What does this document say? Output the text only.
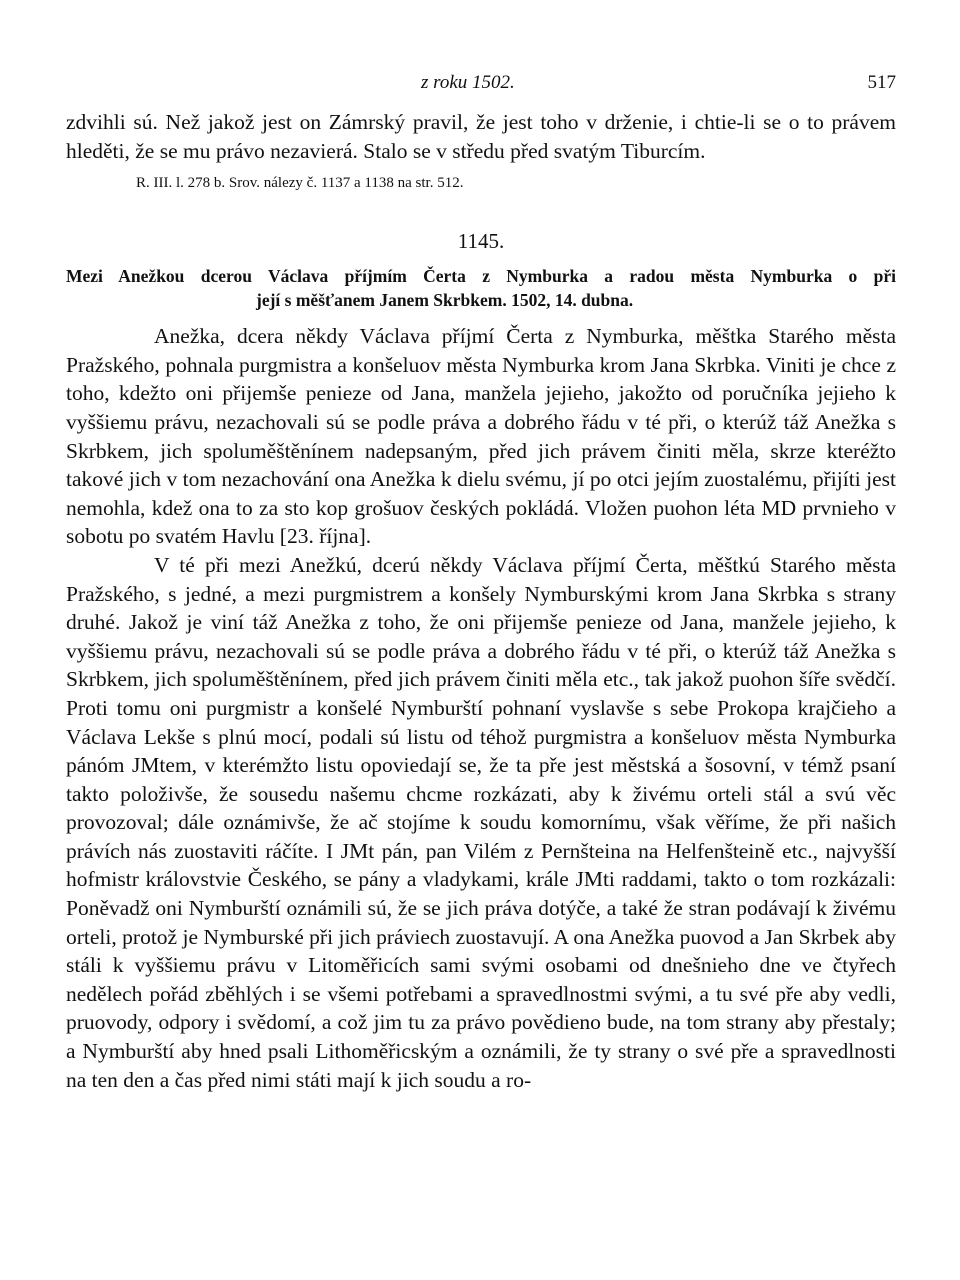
z roku 1502.	517

zdvihli sú. Než jakož jest on Zámrský pravil, že jest toho v drženie, i chtie-li se o to právem hleděti, že se mu právo nezavierá. Stalo se v středu před svatým Tiburcím.

R. III. l. 278 b. Srov. nálezy č. 1137 a 1138 na str. 512.

1145.
Mezi Anežkou dcerou Václava příjmím Čerta z Nymburka a radou města Nymburka o při
její s měšťanem Janem Skrbkem. 1502, 14. dubna.

Anežka, dcera někdy Václava příjmí Čerta z Nymburka, měštka Starého města Pražského, pohnala purgmistra a konšeluov města Nymburka krom Jana Skrbka. Viniti je chce z toho, kdežto oni přijemše penieze od Jana, manžela jejieho, jakožto od poručníka jejieho k vyššiemu právu, nezachovali sú se podle práva a dobrého řádu v té při, o kterúž táž Anežka s Skrbkem, jich spoluměštěnínem nadepsaným, před jich právem činiti měla, skrze kteréžto takové jich v tom nezachování ona Anežka k dielu svému, jí po otci jejím zuostalému, přijíti jest nemohla, kdež ona to za sto kop grošuov českých pokládá. Vložen puohon léta MD prvnieho v sobotu po svatém Havlu [23. října].

V té při mezi Anežkú, dcerú někdy Václava příjmí Čerta, měštkú Starého města Pražského, s jedné, a mezi purgmistrem a konšely Nymburskými krom Jana Skrbka s strany druhé. Jakož je viní táž Anežka z toho, že oni přijemše penieze od Jana, manžele jejieho, k vyššiemu právu, nezachovali sú se podle práva a dobrého řádu v té při, o kterúž táž Anežka s Skrbkem, jich spoluměštěnínem, před jich právem činiti měla etc., tak jakož puohon šíře svědčí. Proti tomu oni purgmistr a konšelé Nymburští pohnaní vyslavše s sebe Prokopa krajčieho a Václava Lekše s plnú mocí, podali sú listu od téhož purgmistra a konšeluov města Nymburka pánóm JMtem, v kterémžto listu opoviedají se, že ta pře jest městská a šosovní, v témž psaní takto položivše, že sousedu našemu chcme rozkázati, aby k živému orteli stál a svú věc provozoval; dále oznámivše, že ač stojíme k soudu komornímu, však věříme, že při našich právích nás zuostaviti ráčíte. I JMt pán, pan Vilém z Pernšteina na Helfenšteině etc., najvyšší hofmistr královstvie Českého, se pány a vladykami, krále JMti raddami, takto o tom rozkázali: Poněvadž oni Nymburští oznámili sú, že se jich práva dotýče, a také že stran podávají k živému orteli, protož je Nymburské při jich práviech zuostavují. A ona Anežka puovod a Jan Skrbek aby stáli k vyššiemu právu v Litoměřicích sami svými osobami od dnešnieho dne ve čtyřech nedělech pořád zběhlých i se všemi potřebami a spravedlnostmi svými, a tu své pře aby vedli, pruovody, odpory i svědomí, a což jim tu za právo povědieno bude, na tom strany aby přestaly; a Nymburští aby hned psali Lithoměřicským a oznámili, že ty strany o své pře a spravedlnosti na ten den a čas před nimi státi mají k jich soudu a ro-
